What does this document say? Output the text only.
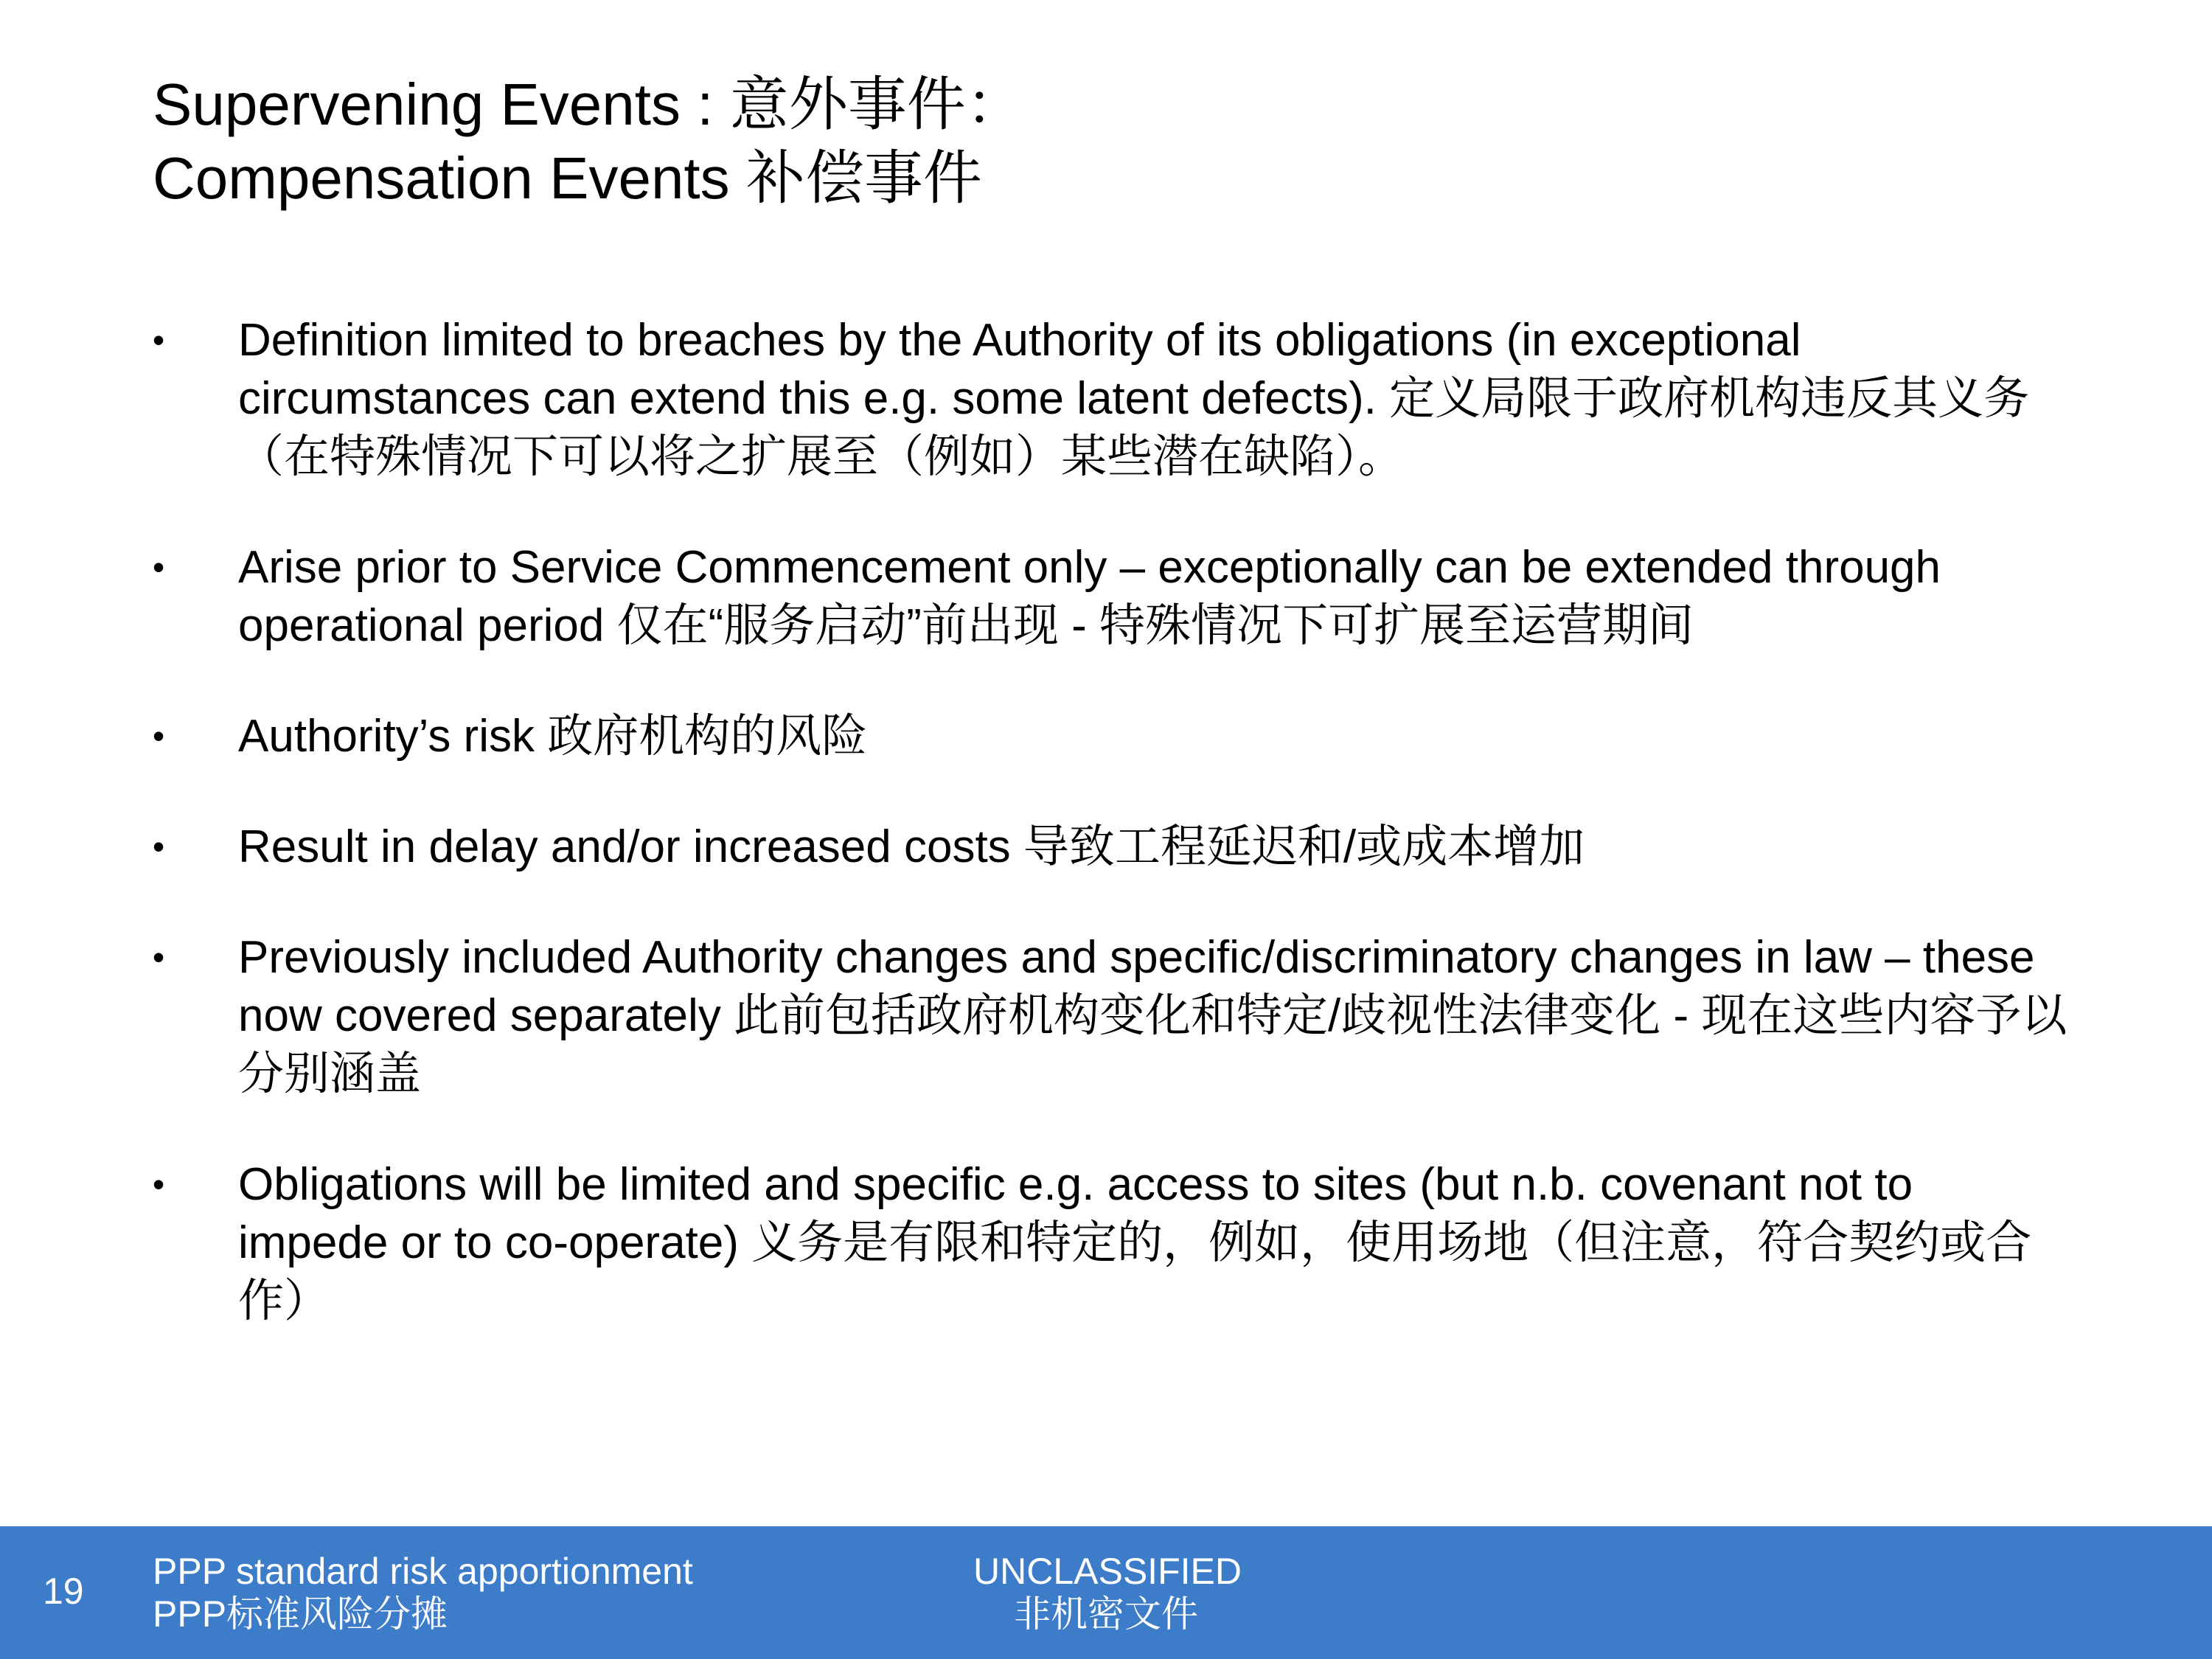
Supervening Events : 意外事件：
Compensation Events 补偿事件
•	Definition limited to breaches by the Authority of its obligations (in exceptional circumstances can extend this e.g. some latent defects). 定义局限于政府机构违反其义务（在特殊情况下可以将之扩展至（例如）某些潜在缺陷）。
•	Arise prior to Service Commencement only – exceptionally can be extended through operational period 仅在“服务启动”前出现 - 特殊情况下可扩展至运营期间
•	Authority’s risk 政府机构的风险
•	Result in delay and/or increased costs 导致工程延迟和/或成本增加
•	Previously included Authority changes and specific/discriminatory changes in law – these now covered separately 此前包括政府机构变化和特定/歧视性法律变化 - 现在这些内容予以分别涵盖
•	Obligations will be limited and specific e.g. access to sites (but n.b. covenant not to impede or to co-operate) 义务是有限和特定的，例如，使用场地（但注意，符合契约或合作）
19 PPP standard risk apportionment
PPP标准风险分摊
UNCLASSIFIED
非机密文件
